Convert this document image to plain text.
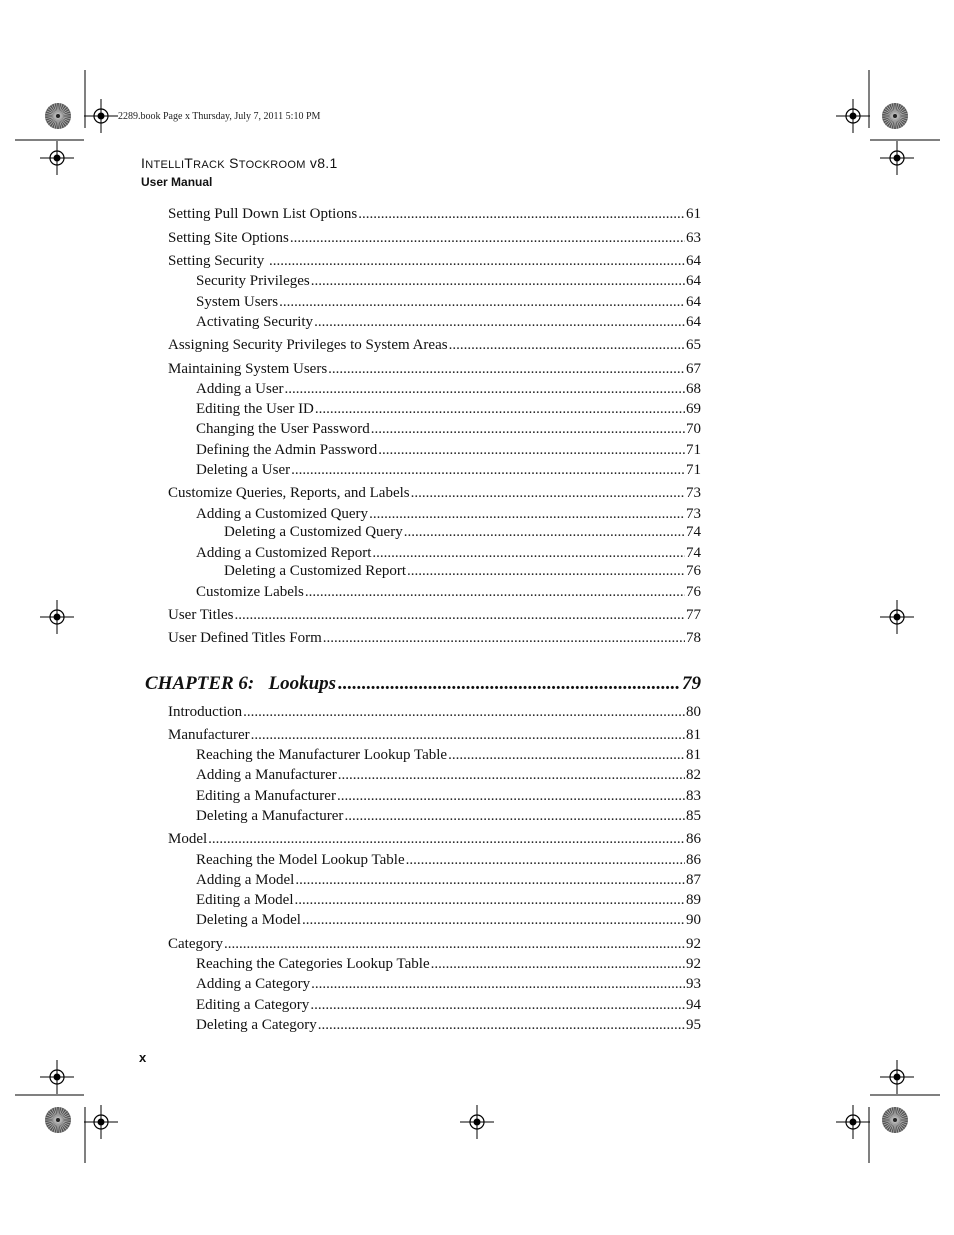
2289.book Page x Thursday, July 7, 2011 5:10 PM
INTELLITRACK STOCKROOM v8.1
User Manual
Setting Pull Down List Options .....	61
Setting Site Options .....	63
Setting Security .....	64
Security Privileges .....	64
System Users .....	64
Activating Security .....	64
Assigning Security Privileges to System Areas .....	65
Maintaining System Users .....	67
Adding a User .....	68
Editing the User ID .....	69
Changing the User Password .....	70
Defining the Admin Password .....	71
Deleting a User .....	71
Customize Queries, Reports, and Labels .....	73
Adding a Customized Query .....	73
Deleting a Customized Query .....	74
Adding a Customized Report .....	74
Deleting a Customized Report .....	76
Customize Labels .....	76
User Titles .....	77
User Defined Titles Form .....	78
CHAPTER 6:   Lookups .....	79
Introduction .....	80
Manufacturer .....	81
Reaching the Manufacturer Lookup Table .....	81
Adding a Manufacturer .....	82
Editing a Manufacturer .....	83
Deleting a Manufacturer .....	85
Model .....	86
Reaching the Model Lookup Table .....	86
Adding a Model .....	87
Editing a Model .....	89
Deleting a Model .....	90
Category .....	92
Reaching the Categories Lookup Table .....	92
Adding a Category .....	93
Editing a Category .....	94
Deleting a Category .....	95
x
